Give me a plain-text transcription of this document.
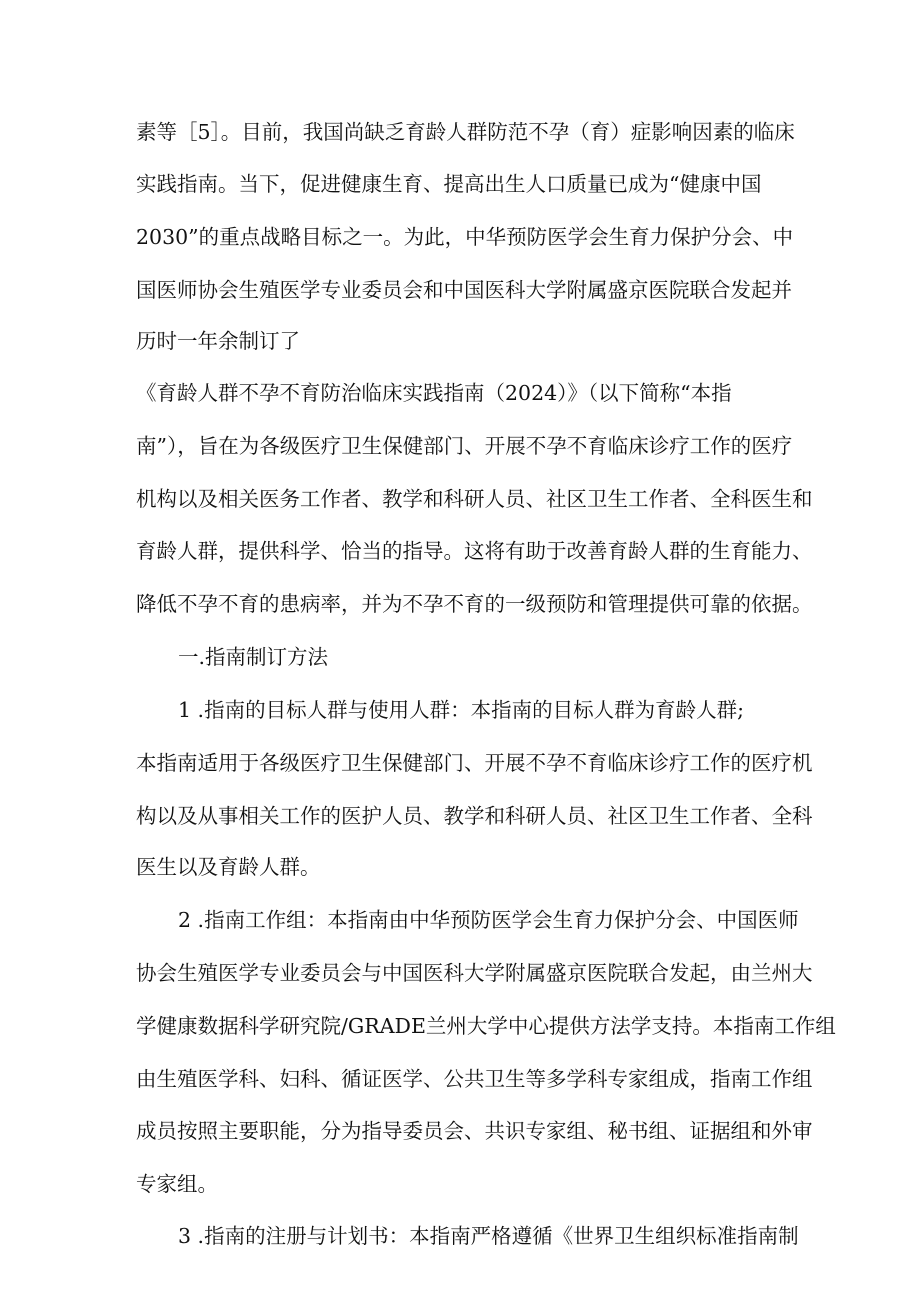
素等［5］。目前，我国尚缺乏育龄人群防范不孕（育）症影响因素的临床
实践指南。当下，促进健康生育、提高出生人口质量已成为“健康中国
2030”的重点战略目标之一。为此，中华预防医学会生育力保护分会、中
国医师协会生殖医学专业委员会和中国医科大学附属盛京医院联合发起并
历时一年余制订了
《育龄人群不孕不育防治临床实践指南（2024）》（以下简称“本指
南”），旨在为各级医疗卫生保健部门、开展不孕不育临床诊疗工作的医疗
机构以及相关医务工作者、教学和科研人员、社区卫生工作者、全科医生和
育龄人群，提供科学、恰当的指导。这将有助于改善育龄人群的生育能力、
降低不孕不育的患病率，并为不孕不育的一级预防和管理提供可靠的依据。
一.指南制订方法
1 .指南的目标人群与使用人群：本指南的目标人群为育龄人群;
本指南适用于各级医疗卫生保健部门、开展不孕不育临床诊疗工作的医疗机
构以及从事相关工作的医护人员、教学和科研人员、社区卫生工作者、全科
医生以及育龄人群。
2 .指南工作组：本指南由中华预防医学会生育力保护分会、中国医师
协会生殖医学专业委员会与中国医科大学附属盛京医院联合发起，由兰州大
学健康数据科学研究院/GRADE兰州大学中心提供方法学支持。本指南工作组
由生殖医学科、妇科、循证医学、公共卫生等多学科专家组成，指南工作组
成员按照主要职能，分为指导委员会、共识专家组、秘书组、证据组和外审
专家组。
3 .指南的注册与计划书：本指南严格遵循《世界卫生组织标准指南制
